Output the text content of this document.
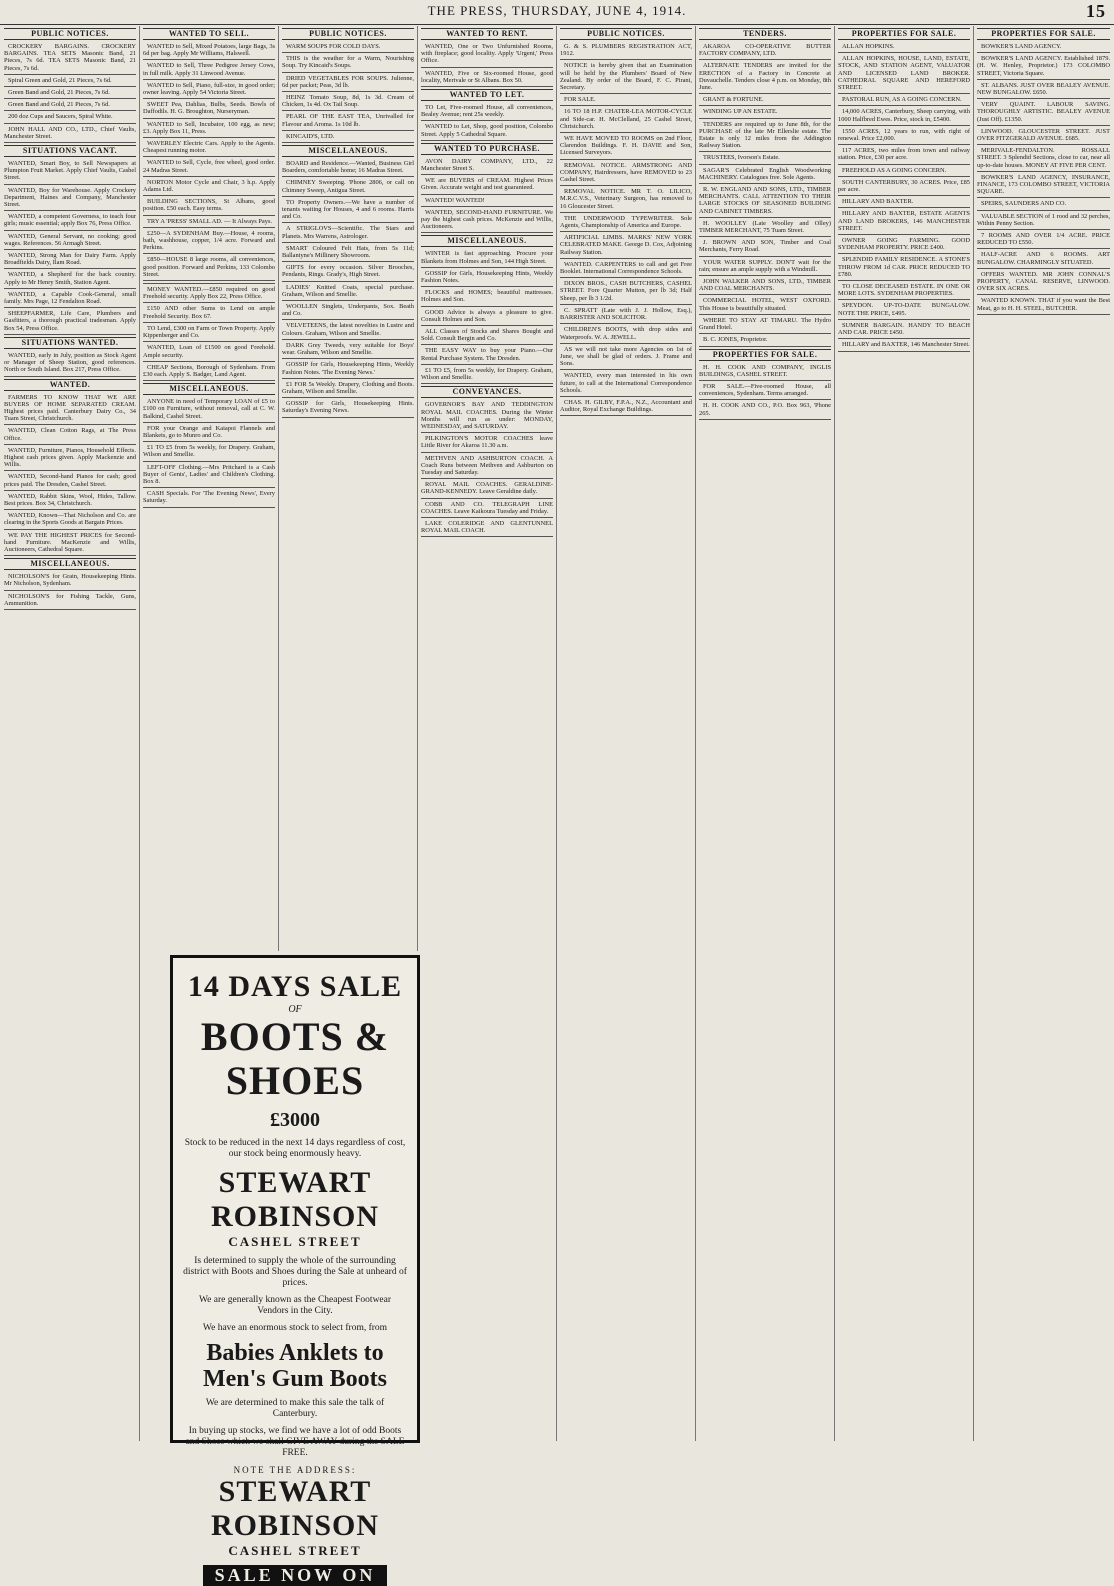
THE PRESS, THURSDAY, JUNE 4, 1914.	15
PUBLIC NOTICES.

CROCKERY BARGAINS. CROCKERY BARGAINS. TEA SETS Masonic Band, 21 Pieces, 7s 6d. TEA SETS Masonic Band, 21 Pieces, 7s 6d.

Spiral Green and Gold, 21 Pieces, 7s 6d.

Green Band and Gold, 21 Pieces, 7s 6d.

Green Band and Gold, 21 Pieces, 7s 6d.

200 doz Cups and Saucers, Spiral White.

JOHN HALL AND CO., LTD., Chief Vaults, Manchester Street.

SITUATIONS VACANT.

WANTED, Smart Boy, to Sell Newspapers at Plumpton Fruit Market. Apply Chief Vaults, Cashel Street.

WANTED, Boy for Warehouse. Apply Crockery Department, Haines and Company, Manchester Street.

WANTED, a competent Governess, to teach four girls; music essential; apply Box 76, Press Office.

WANTED, General Servant, no cooking; good wages. References. 56 Armagh Street.

WANTED, Strong Man for Dairy Farm. Apply Broadfields Dairy, Ilam Road.

WANTED, a Shepherd for the back country. Apply to Mr Henry Smith, Station Agent.

WANTED, a Capable Cook-General, small family. Mrs Page, 12 Fendalton Road.

SHEEPFARMER, Life Care, Plumbers and Gasfitters, a thorough practical tradesman. Apply Box 54, Press Office.

SITUATIONS WANTED.

WANTED, early in July, position as Stock Agent or Manager of Sheep Station, good references. North or South Island. Box 217, Press Office.

WANTED.

FARMERS TO KNOW THAT WE ARE BUYERS OF HOME SEPARATED CREAM. Highest prices paid. Canterbury Dairy Co., 34 Tuam Street, Christchurch.

WANTED, Clean Cotton Rags, at The Press Office.

WANTED, Furniture, Pianos, Household Effects. Highest cash prices given. Apply Mackenzie and Willis.

WANTED, Second-hand Pianos for cash; good prices paid. The Dresden, Cashel Street.

WANTED, Rabbit Skins, Wool, Hides, Tallow. Best prices. Box 34, Christchurch.

WANTED, Known—That Nicholson and Co. are clearing in the Sports Goods at Bargain Prices.

WE PAY THE HIGHEST PRICES for Second-hand Furniture. MacKenzie and Willis, Auctioneers, Cathedral Square.

MISCELLANEOUS.

NICHOLSON'S for Grain, Housekeeping Hints. Mr Nicholson, Sydenham.

NICHOLSON'S for Fishing Tackle, Guns, Ammunition.

WANTED TO SELL.

WANTED to Sell, Mixed Potatoes, large Bags, 3s 6d per bag. Apply Mr Williams, Halswell.

WANTED to Sell, Three Pedigree Jersey Cows, in full milk. Apply 31 Linwood Avenue.

WANTED to Sell, Piano, full-size, in good order; owner leaving. Apply 54 Victoria Street.

SWEET Pea, Dahlias, Bulbs, Seeds. Bowls of Daffodils. H. G. Broughton, Nurseryman.

WANTED to Sell, Incubator, 100 egg, as new; £3. Apply Box 11, Press.

WAVERLEY Electric Cars. Apply to the Agents. Cheapest running motor.

WANTED to Sell, Cycle, free wheel, good order. 24 Madras Street.

NORTON Motor Cycle and Chair, 3 h.p. Apply Adams Ltd.

BUILDING SECTIONS, St Albans, good position. £50 each. Easy terms.

TRY A 'PRESS' SMALL AD. — It Always Pays.

£250—A SYDENHAM Buy.—House, 4 rooms, bath, washhouse, copper, 1/4 acre. Forward and Perkins.

£850—HOUSE 8 large rooms, all conveniences, good position. Forward and Perkins, 133 Colombo Street.

MONEY WANTED.—£850 required on good Freehold security. Apply Box 22, Press Office.

£150 AND other Sums to Lend on ample Freehold Security. Box 67.

TO Lend, £300 on Farm or Town Property. Apply Kippenberger and Co.

WANTED, Loan of £1500 on good Freehold. Ample security.

CHEAP Sections, Borough of Sydenham. From £30 each. Apply S. Badger, Land Agent.

MISCELLANEOUS.

ANYONE in need of Temporary LOAN of £5 to £100 on Furniture, without removal, call at C. W. Balkind, Cashel Street.

FOR your Orange and Kaiapoi Flannels and Blankets, go to Munro and Co.

£1 TO £5 from 5s weekly, for Drapery. Graham, Wilson and Smellie.

LEFT-OFF Clothing.—Mrs Pritchard is a Cash Buyer of Gents', Ladies' and Children's Clothing. Box 8.

CASH Specials. For 'The Evening News', Every Saturday.

PUBLIC NOTICES.

WARM SOUPS FOR COLD DAYS.

THIS is the weather for a Warm, Nourishing Soup. Try Kincaid's Soups.

DRIED VEGETABLES FOR SOUPS. Julienne, 6d per packet; Peas, 3d lb.

HEINZ Tomato Soup, 8d, 1s 3d. Cream of Chicken, 1s 4d. Ox Tail Soup.

PEARL OF THE EAST TEA, Unrivalled for Flavour and Aroma. 1s 10d lb.

KINCAID'S, LTD.

MISCELLANEOUS.

BOARD and Residence.—Wanted, Business Girl Boarders, comfortable home; 16 Madras Street.

CHIMNEY Sweeping. 'Phone 2806, or call on Chimney Sweep, Antigua Street.

TO Property Owners.—We have a number of tenants waiting for Houses, 4 and 6 rooms. Harris and Co.

A STRIGLOVS—Scientific. The Stars and Planets. Mrs Warrens, Astrologer.

SMART Coloured Felt Hats, from 5s 11d; Ballantyne's Millinery Showroom.

GIFTS for every occasion. Silver Brooches, Pendants, Rings. Grady's, High Street.

LADIES' Knitted Coats, special purchase. Graham, Wilson and Smellie.

WOOLLEN Singlets, Underpants, Sox. Beath and Co.

VELVETEENS, the latest novelties in Lustre and Colours. Graham, Wilson and Smellie.

DARK Grey Tweeds, very suitable for Boys' wear. Graham, Wilson and Smellie.

GOSSIP for Girls, Housekeeping Hints, Weekly Fashion Notes. 'The Evening News.'

£1 FOR 5s Weekly. Drapery, Clothing and Boots. Graham, Wilson and Smellie.

GOSSIP for Girls, Housekeeping Hints. Saturday's Evening News.

WANTED TO RENT.

WANTED, One or Two Unfurnished Rooms, with fireplace; good locality. Apply 'Urgent,' Press Office.

WANTED, Five or Six-roomed House, good locality, Merivale or St Albans. Box 50.

WANTED TO LET.

TO Let, Five-roomed House, all conveniences, Bealey Avenue; rent 25s weekly.

WANTED to Let, Shop, good position, Colombo Street. Apply 5 Cathedral Square.

WANTED TO PURCHASE.

AVON DAIRY COMPANY, LTD., 22 Manchester Street S.

WE are BUYERS of CREAM. Highest Prices Given. Accurate weight and test guaranteed.

WANTED! WANTED!

WANTED, SECOND-HAND FURNITURE. We pay the highest cash prices. McKenzie and Willis, Auctioneers.

MISCELLANEOUS.

WINTER is fast approaching. Procure your Blankets from Holmes and Son, 144 High Street.

GOSSIP for Girls, Housekeeping Hints, Weekly Fashion Notes.

FLOCKS and HOMES; beautiful mattresses. Holmes and Son.

GOOD Advice is always a pleasure to give. Consult Holmes and Son.

ALL Classes of Stocks and Shares Bought and Sold. Consult Bergin and Co.

THE EASY WAY to buy your Piano.—Our Rental Purchase System. The Dresden.

£1 TO £5, from 5s weekly, for Drapery. Graham, Wilson and Smellie.

CONVEYANCES.

GOVERNOR'S BAY AND TEDDINGTON ROYAL MAIL COACHES. During the Winter Months will run as under: MONDAY, WEDNESDAY, and SATURDAY.

PILKINGTON'S MOTOR COACHES leave Little River for Akaroa 11.30 a.m.

METHVEN AND ASHBURTON COACH. A Coach Runs between Methven and Ashburton on Tuesday and Saturday.

ROYAL MAIL COACHES. GERALDINE-GRAND-KENNEDY. Leave Geraldine daily.

COBB AND CO. TELEGRAPH LINE COACHES. Leave Kaikoura Tuesday and Friday.

LAKE COLERIDGE AND GLENTUNNEL ROYAL MAIL COACH.

PUBLIC NOTICES.

G. & S. PLUMBERS REGISTRATION ACT, 1912.

NOTICE is hereby given that an Examination will be held by the Plumbers' Board of New Zealand. By order of the Board, F. C. Pirani, Secretary.

FOR SALE.

16 TO 18 H.P. CHATER-LEA MOTOR-CYCLE and Side-car. H. McClelland, 25 Cashel Street, Christchurch.

WE HAVE MOVED TO ROOMS on 2nd Floor, Clarendon Buildings. F. H. DAVIE and Son, Licensed Surveyors.

REMOVAL NOTICE. ARMSTRONG AND COMPANY, Hairdressers, have REMOVED to 23 Cashel Street.

REMOVAL NOTICE. MR T. O. LILICO, M.R.C.V.S., Veterinary Surgeon, has removed to 16 Gloucester Street.

THE UNDERWOOD TYPEWRITER. Sole Agents, Championship of America and Europe.

ARTIFICIAL LIMBS. MARKS' NEW YORK CELEBRATED MAKE. George D. Cox, Adjoining Railway Station.

WANTED. CARPENTERS to call and get Free Booklet. International Correspondence Schools.

DIXON BROS., CASH BUTCHERS, CASHEL STREET. Fore Quarter Mutton, per lb 3d; Half Sheep, per lb 3 1/2d.

C. SPRATT (Late with J. J. Hollow, Esq.), BARRISTER AND SOLICITOR.

CHILDREN'S BOOTS, with drop sides and Waterproofs. W. A. JEWELL.

AS we will not take more Agencies on 1st of June, we shall be glad of orders. J. Frame and Sons.

WANTED, every man interested in his own future, to call at the International Correspondence Schools.

CHAS. H. GILBY, F.P.A., N.Z., Accountant and Auditor, Royal Exchange Buildings.

TENDERS.

AKAROA CO-OPERATIVE BUTTER FACTORY COMPANY, LTD.

ALTERNATE TENDERS are invited for the ERECTION of a Factory in Concrete at Duvauchelle. Tenders close 4 p.m. on Monday, 8th June.

GRANT & FORTUNE.

WINDING UP AN ESTATE.

TENDERS are required up to June 8th, for the PURCHASE of the late Mr Ellerslie estate. The Estate is only 12 miles from the Addington Railway Station.

TRUSTEES, Ivorson's Estate.

SAGAR'S Celebrated English Woodworking MACHINERY. Catalogues free. Sole Agents.

R. W. ENGLAND AND SONS, LTD., TIMBER MERCHANTS. CALL ATTENTION TO THEIR LARGE STOCKS OF SEASONED BUILDING AND CABINET TIMBERS.

H. WOOLLEY (Late Woolley and Olley) TIMBER MERCHANT, 75 Tuam Street.

J. BROWN AND SON, Timber and Coal Merchants, Ferry Road.

YOUR WATER SUPPLY. DON'T wait for the rain; ensure an ample supply with a Windmill.

JOHN WALKER AND SONS, LTD., TIMBER AND COAL MERCHANTS.

COMMERCIAL HOTEL, WEST OXFORD. This House is beautifully situated.

WHERE TO STAY AT TIMARU. The Hydro Grand Hotel.

B. C. JONES, Proprietor.

PROPERTIES FOR SALE.

H. H. COOK AND COMPANY, INGLIS BUILDINGS, CASHEL STREET.

FOR SALE.—Five-roomed House, all conveniences, Sydenham. Terms arranged.

H. H. COOK AND CO., P.O. Box 963, 'Phone 265.

PROPERTIES FOR SALE.

ALLAN HOPKINS.

ALLAN HOPKINS, HOUSE, LAND, ESTATE, STOCK, AND STATION AGENT, VALUATOR AND LICENSED LAND BROKER. CATHEDRAL SQUARE AND HEREFORD STREET.

PASTORAL RUN, AS A GOING CONCERN.

14,000 ACRES, Canterbury, Sheep carrying, with 1000 Halfbred Ewes. Price, stock in, £5400.

1550 ACRES, 12 years to run, with right of renewal. Price £2,000.

117 ACRES, two miles from town and railway station. Price, £30 per acre.

FREEHOLD AS A GOING CONCERN.

SOUTH CANTERBURY, 30 ACRES. Price, £85 per acre.

HILLARY AND BAXTER.

HILLARY AND BAXTER, ESTATE AGENTS AND LAND BROKERS, 146 MANCHESTER STREET.

OWNER GOING FARMING. GOOD SYDENHAM PROPERTY. PRICE £400.

SPLENDID FAMILY RESIDENCE. A STONE'S THROW FROM 1d CAR. PRICE REDUCED TO £780.

TO CLOSE DECEASED ESTATE. IN ONE OR MORE LOTS. SYDENHAM PROPERTIES.

SPEYDON. UP-TO-DATE BUNGALOW. NOTE THE PRICE, £495.

SUMNER BARGAIN. HANDY TO BEACH AND CAR. PRICE £450.

HILLARY and BAXTER, 146 Manchester Street.

PROPERTIES FOR SALE.

BOWKER'S LAND AGENCY.

BOWKER'S LAND AGENCY. Established 1879. (H. W. Henley, Proprietor.) 173 COLOMBO STREET, Victoria Square.

ST. ALBANS. JUST OVER BEALEY AVENUE. NEW BUNGALOW. £650.

VERY QUAINT. LABOUR SAVING. THOROUGHLY ARTISTIC. BEALEY AVENUE (Just Off). £1350.

LINWOOD. GLOUCESTER STREET. JUST OVER FITZGERALD AVENUE. £685.

MERIVALE-FENDALTON. ROSSALL STREET. 3 Splendid Sections, close to car, near all up-to-date houses. MONEY AT FIVE PER CENT.

BOWKER'S LAND AGENCY, INSURANCE, FINANCE, 173 COLOMBO STREET, VICTORIA SQUARE.

SPEIRS, SAUNDERS AND CO.

VALUABLE SECTION of 1 rood and 32 perches, Within Penny Section.

7 ROOMS AND OVER 1/4 ACRE. PRICE REDUCED TO £550.

HALF-ACRE AND 6 ROOMS. ART BUNGALOW. CHARMINGLY SITUATED.

OFFERS WANTED. MR JOHN CONNAL'S PROPERTY, CANAL RESERVE, LINWOOD. OVER SIX ACRES.

WANTED KNOWN. THAT if you want the Best Meat, go to H. H. STEEL, BUTCHER.

14 DAYS SALE
OF
BOOTS & SHOES
£3000
Stock to be reduced in the next 14 days regardless of cost, our stock being enormously heavy.
STEWART ROBINSON
CASHEL STREET
Is determined to supply the whole of the surrounding district with Boots and Shoes during the Sale at unheard of prices.
We are generally known as the Cheapest Footwear Vendors in the City.
We have an enormous stock to select from, from
Babies Anklets to Men's Gum Boots
We are determined to make this sale the talk of Canterbury.
In buying up stocks, we find we have a lot of odd Boots and Shoes which we shall GIVE AWAY during the SALE FREE.
NOTE THE ADDRESS:
STEWART ROBINSON
CASHEL STREET
SALE NOW ON
